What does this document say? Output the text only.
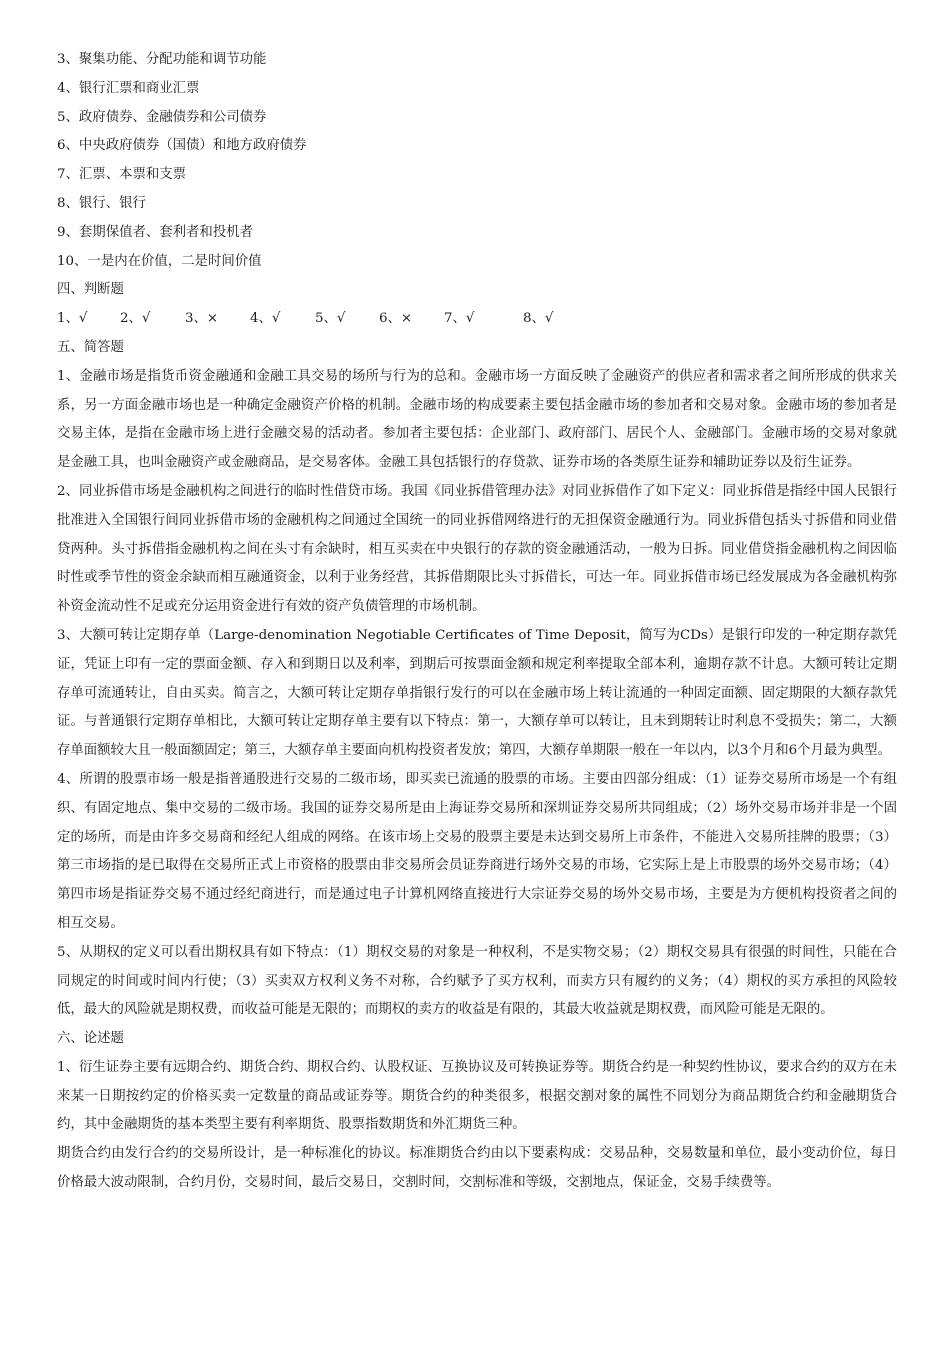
3、聚集功能、分配功能和调节功能
4、银行汇票和商业汇票
5、政府债券、金融债券和公司债券
6、中央政府债券（国债）和地方政府债券
7、汇票、本票和支票
8、银行、银行
9、套期保值者、套利者和投机者
10、一是内在价值，二是时间价值
四、判断题
1、√ 2、√	3、× 4、√	5、√	6、× 7、√	8、√
五、简答题
1、金融市场是指货币资金融通和金融工具交易的场所与行为的总和。金融市场一方面反映了金融资产的供应者和需求者之间所形成的供求关系，另一方面金融市场也是一种确定金融资产价格的机制。金融市场的构成要素主要包括金融市场的参加者和交易对象。金融市场的参加者是交易主体，是指在金融市场上进行金融交易的活动者。参加者主要包括：企业部门、政府部门、居民个人、金融部门。金融市场的交易对象就是金融工具，也叫金融资产或金融商品，是交易客体。金融工具包括银行的存贷款、证券市场的各类原生证券和辅助证券以及衍生证券。
2、同业拆借市场是金融机构之间进行的临时性借贷市场。我国《同业拆借管理办法》对同业拆借作了如下定义：同业拆借是指经中国人民银行批准进入全国银行间同业拆借市场的金融机构之间通过全国统一的同业拆借网络进行的无担保资金融通行为。同业拆借包括头寸拆借和同业借贷两种。头寸拆借指金融机构之间在头寸有余缺时，相互买卖在中央银行的存款的资金融通活动，一般为日拆。同业借贷指金融机构之间因临时性或季节性的资金余缺而相互融通资金，以利于业务经营，其拆借期限比头寸拆借长，可达一年。同业拆借市场已经发展成为各金融机构弥补资金流动性不足或充分运用资金进行有效的资产负债管理的市场机制。
3、大额可转让定期存单（Large-denomination Negotiable Certificates of Time Deposit，简写为CDs）是银行印发的一种定期存款凭证，凭证上印有一定的票面金额、存入和到期日以及利率，到期后可按票面金额和规定利率提取全部本利，逾期存款不计息。大额可转让定期存单可流通转让，自由买卖。简言之，大额可转让定期存单指银行发行的可以在金融市场上转让流通的一种固定面额、固定期限的大额存款凭证。与普通银行定期存单相比，大额可转让定期存单主要有以下特点：第一，大额存单可以转让，且未到期转让时利息不受损失；第二，大额存单面额较大且一般面额固定；第三，大额存单主要面向机构投资者发放；第四，大额存单期限一般在一年以内，以3个月和6个月最为典型。
4、所谓的股票市场一般是指普通股进行交易的二级市场，即买卖已流通的股票的市场。主要由四部分组成：（1）证券交易所市场是一个有组织、有固定地点、集中交易的二级市场。我国的证券交易所是由上海证券交易所和深圳证券交易所共同组成；（2）场外交易市场并非是一个固定的场所，而是由许多交易商和经纪人组成的网络。在该市场上交易的股票主要是未达到交易所上市条件，不能进入交易所挂牌的股票；（3）第三市场指的是已取得在交易所正式上市资格的股票由非交易所会员证券商进行场外交易的市场，它实际上是上市股票的场外交易市场；（4）第四市场是指证券交易不通过经纪商进行，而是通过电子计算机网络直接进行大宗证券交易的场外交易市场，主要是为方便机构投资者之间的相互交易。
5、从期权的定义可以看出期权具有如下特点：（1）期权交易的对象是一种权利，不是实物交易；（2）期权交易具有很强的时间性，只能在合同规定的时间或时间内行使；（3）买卖双方权利义务不对称，合约赋予了买方权利，而卖方只有履约的义务；（4）期权的买方承担的风险较低，最大的风险就是期权费，而收益可能是无限的；而期权的卖方的收益是有限的，其最大收益就是期权费，而风险可能是无限的。
六、论述题
1、衍生证券主要有远期合约、期货合约、期权合约、认股权证、互换协议及可转换证券等。期货合约是一种契约性协议，要求合约的双方在未来某一日期按约定的价格买卖一定数量的商品或证券等。期货合约的种类很多，根据交割对象的属性不同划分为商品期货合约和金融期货合约，其中金融期货的基本类型主要有利率期货、股票指数期货和外汇期货三种。
期货合约由发行合约的交易所设计，是一种标准化的协议。标准期货合约由以下要素构成：交易品种，交易数量和单位，最小变动价位，每日价格最大波动限制，合约月份，交易时间，最后交易日，交割时间，交割标准和等级，交割地点，保证金，交易手续费等。
